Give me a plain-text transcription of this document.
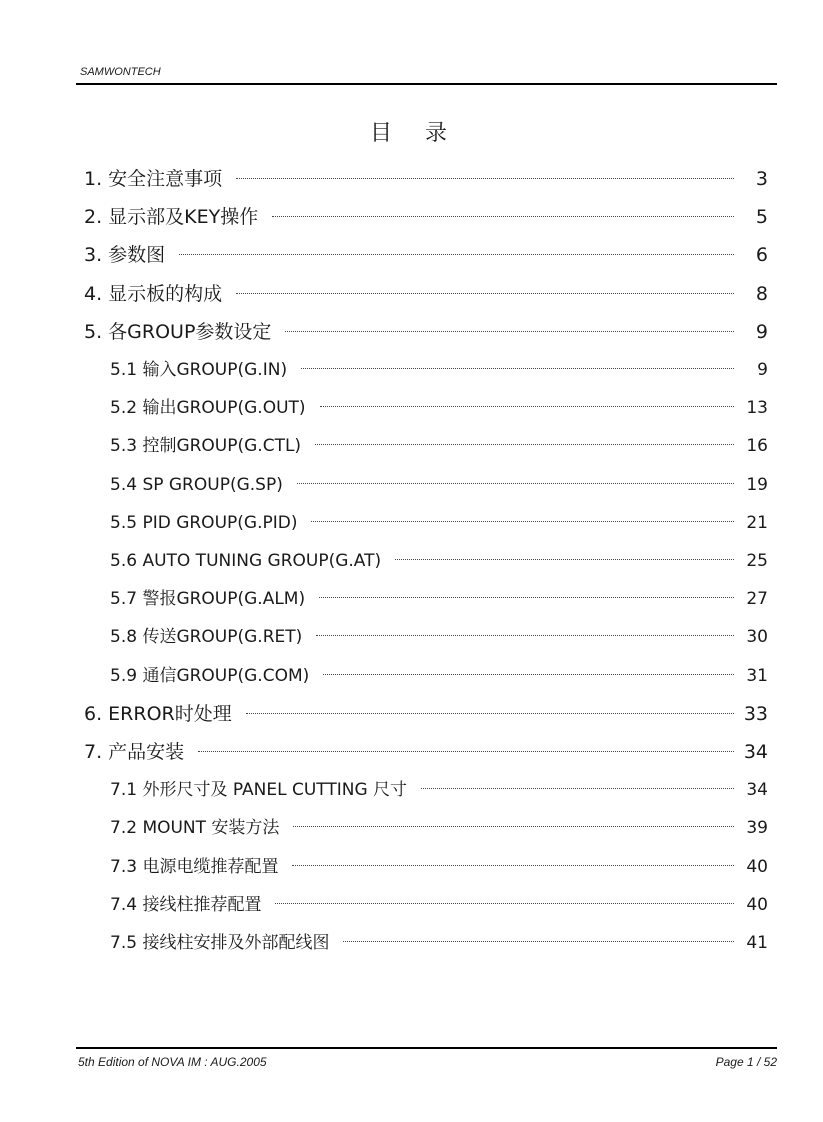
SAMWONTECH
目 录
1. 安全注意事项	3
2. 显示部及KEY操作	5
3. 参数图	6
4. 显示板的构成	8
5. 各GROUP参数设定	9
5.1 输入GROUP(G.IN)	9
5.2 输出GROUP(G.OUT)	13
5.3 控制GROUP(G.CTL)	16
5.4 SP GROUP(G.SP)	19
5.5 PID GROUP(G.PID)	21
5.6 AUTO TUNING GROUP(G.AT)	25
5.7 警报GROUP(G.ALM)	27
5.8 传送GROUP(G.RET)	30
5.9 通信GROUP(G.COM)	31
6. ERROR时处理	33
7. 产品安装	34
7.1 外形尺寸及 PANEL CUTTING 尺寸	34
7.2 MOUNT 安装方法	39
7.3 电源电缆推荐配置	40
7.4 接线柱推荐配置	40
7.5 接线柱安排及外部配线图	41
5th Edition of NOVA IM : AUG.2005	Page 1 / 52
